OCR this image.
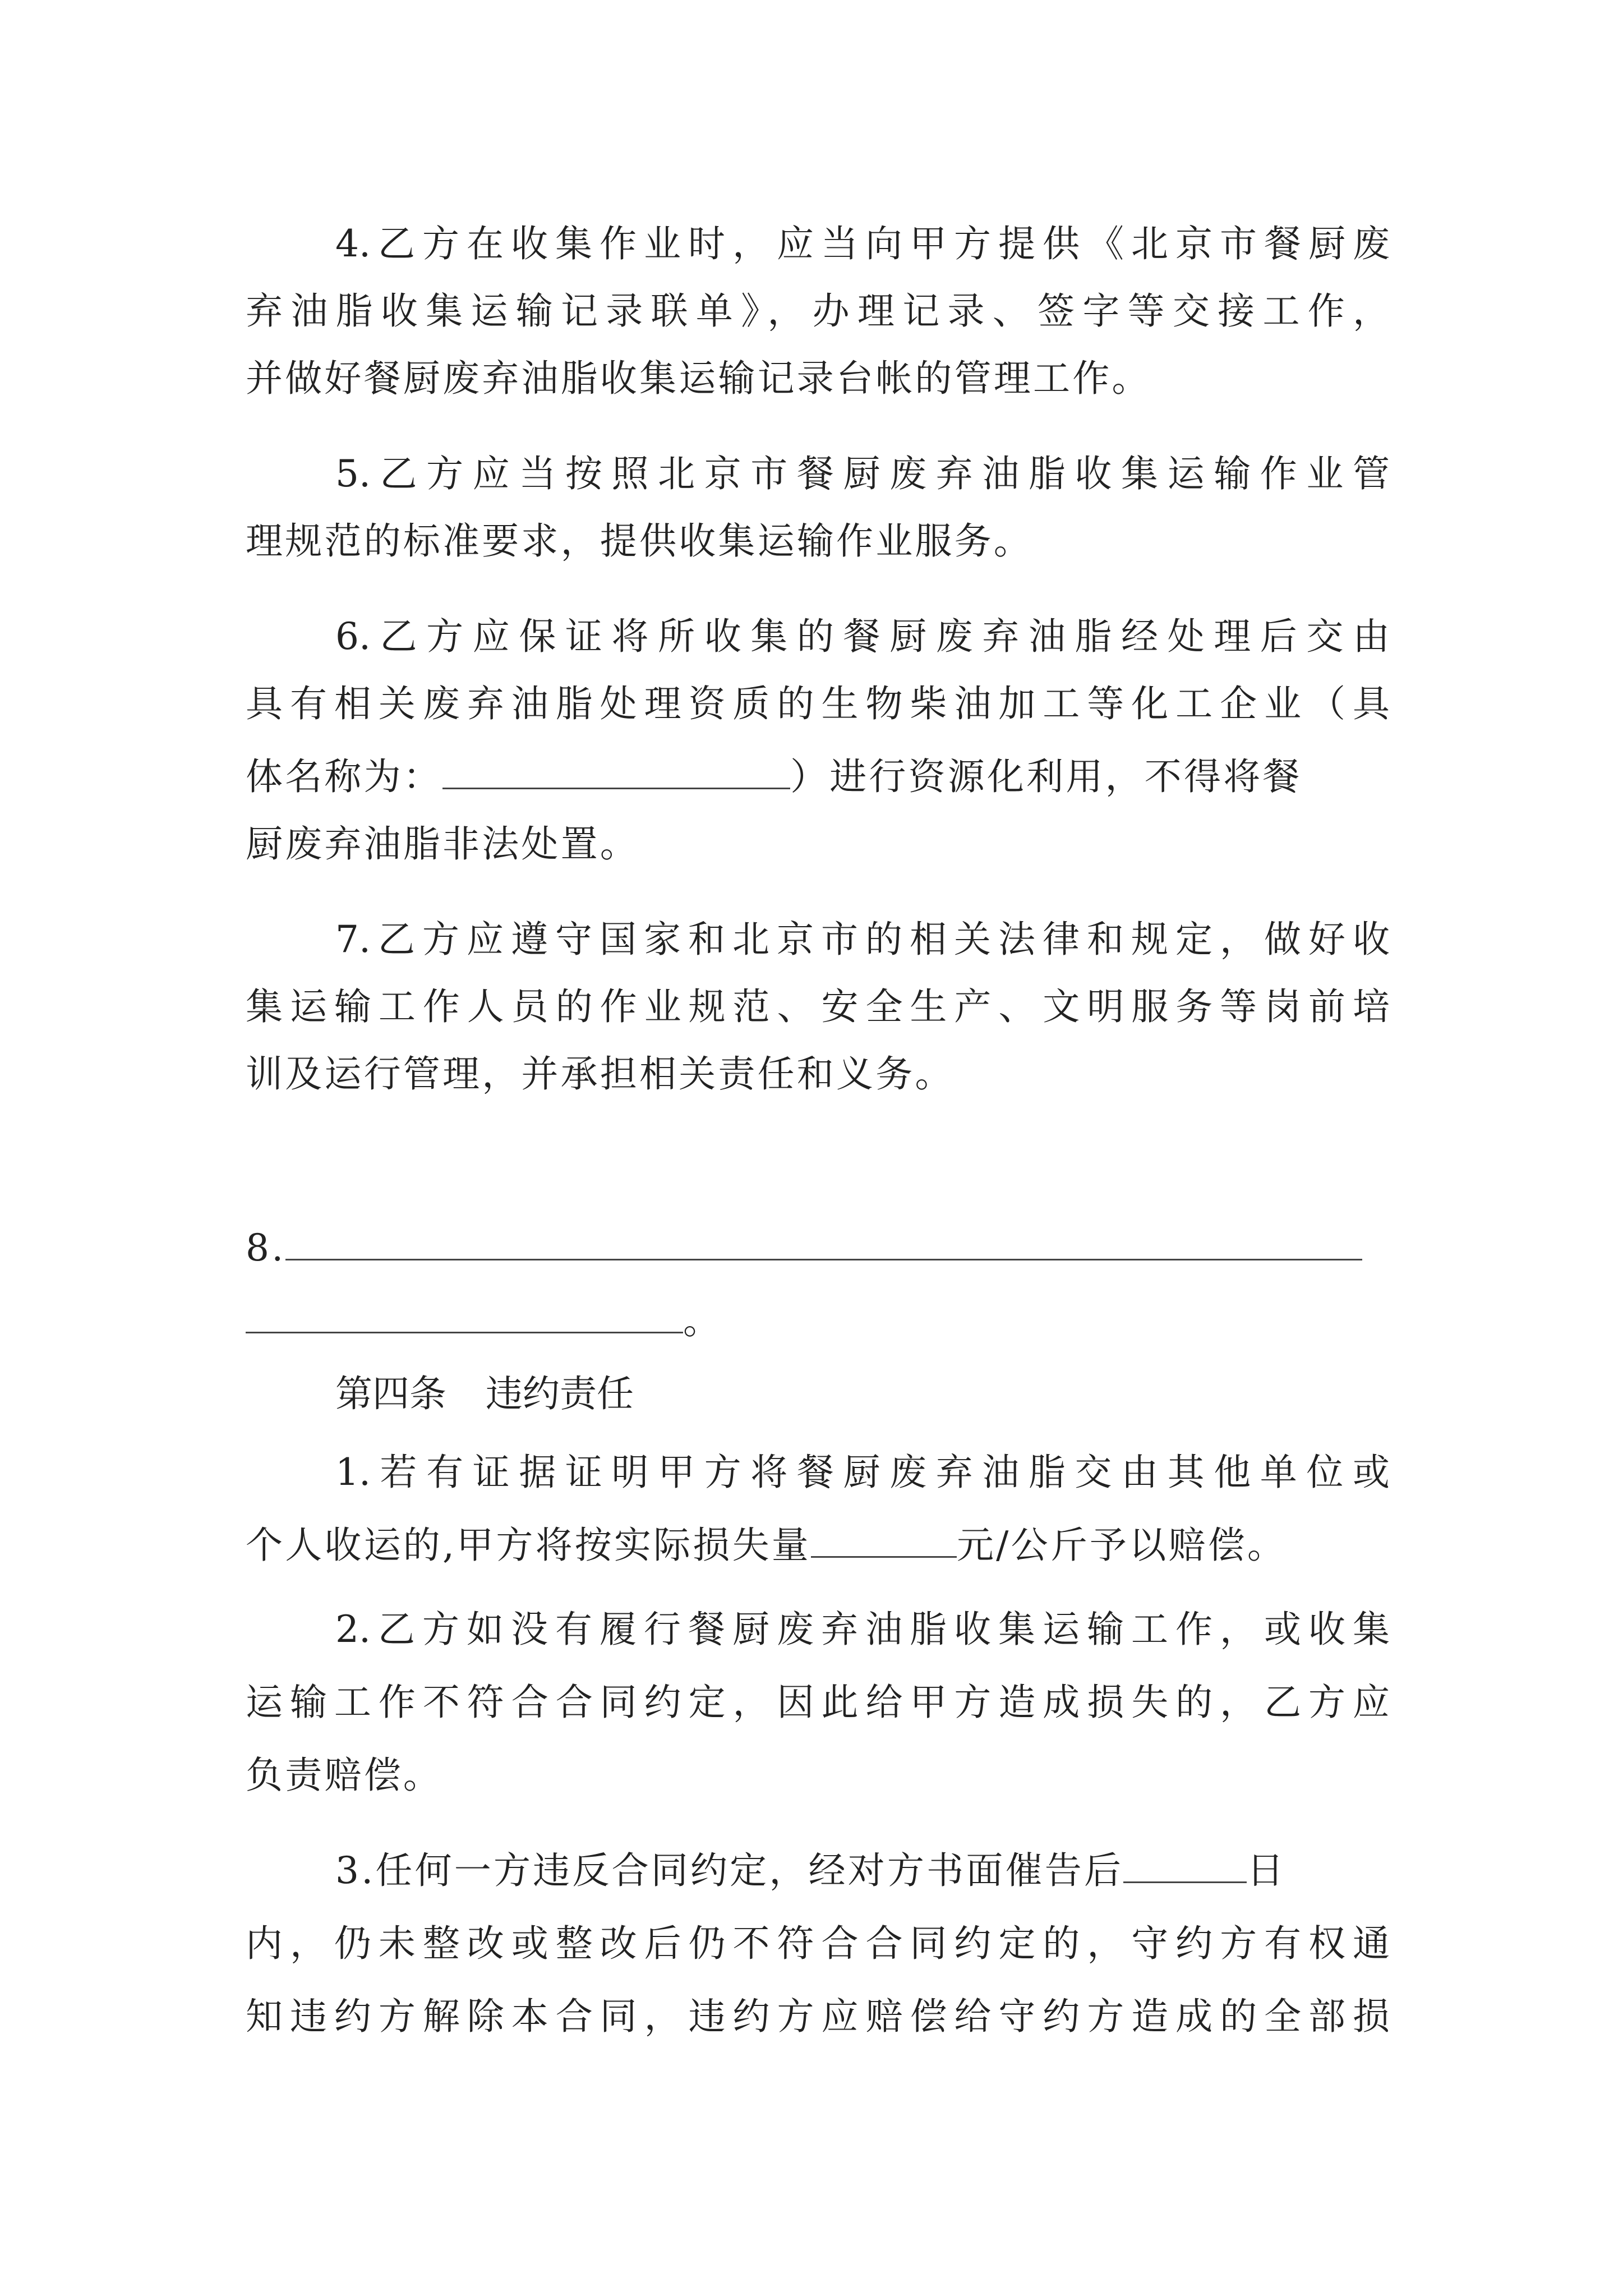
4.乙方在收集作业时，应当向甲方提供《北京市餐厨废
弃油脂收集运输记录联单》，办理记录、签字等交接工作，
并做好餐厨废弃油脂收集运输记录台帐的管理工作。
5.乙方应当按照北京市餐厨废弃油脂收集运输作业管
理规范的标准要求，提供收集运输作业服务。
6.乙方应保证将所收集的餐厨废弃油脂经处理后交由
具有相关废弃油脂处理资质的生物柴油加工等化工企业（具
体名称为：	）进行资源化利用，不得将餐
厨废弃油脂非法处置。
7.乙方应遵守国家和北京市的相关法律和规定，做好收
集运输工作人员的作业规范、安全生产、文明服务等岗前培
训及运行管理，并承担相关责任和义务。
8.
。
第四条 违约责任
1.若有证据证明甲方将餐厨废弃油脂交由其他单位或
个人收运的,甲方将按实际损失量	元/公斤予以赔偿。
2.乙方如没有履行餐厨废弃油脂收集运输工作，或收集
运输工作不符合合同约定，因此给甲方造成损失的，乙方应
负责赔偿。
3.任何一方违反合同约定，经对方书面催告后	日
内，仍未整改或整改后仍不符合合同约定的，守约方有权通
知违约方解除本合同，违约方应赔偿给守约方造成的全部损
